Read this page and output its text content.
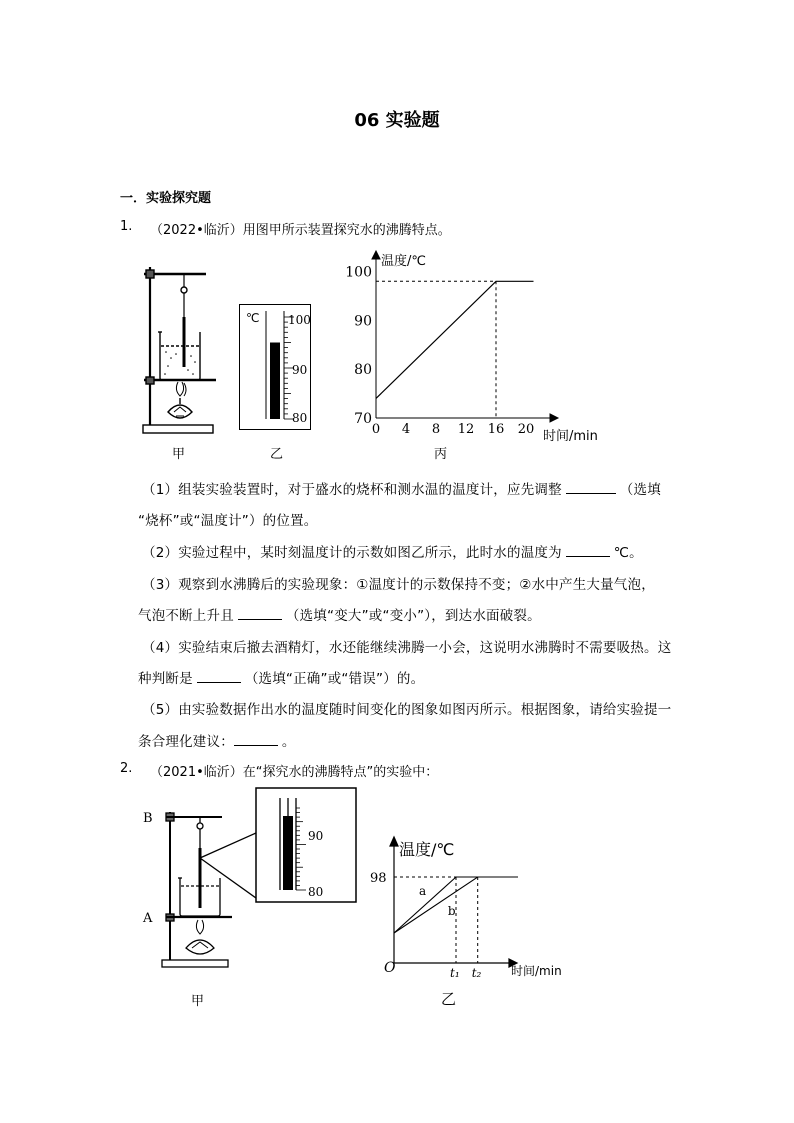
06 实验题
一．实验探究题
1. （2022•临沂）用图甲所示装置探究水的沸腾特点。
甲
℃ 100
90
80
乙
温度/℃
时间/min
70
80
90
100
0 4 8 12 16 20
丙
（1）组装实验装置时，对于盛水的烧杯和测水温的温度计，应先调整	（选填
“烧杯”或“温度计”）的位置。
（2）实验过程中，某时刻温度计的示数如图乙所示，此时水的温度为	℃。
（3）观察到水沸腾后的实验现象：①温度计的示数保持不变；②水中产生大量气泡，
气泡不断上升且	（选填“变大”或“变小”），到达水面破裂。
（4）实验结束后撤去酒精灯，水还能继续沸腾一小会，这说明水沸腾时不需要吸热。这
种判断是	（选填“正确”或“错误”）的。
（5）由实验数据作出水的温度随时间变化的图象如图丙所示。根据图象，请给实验提一
条合理化建议：	。
2. （2021•临沂）在“探究水的沸腾特点”的实验中：
B
A
90
80
甲
温度/℃
时间/min
O
98
a
b
t₁ t₂
乙
